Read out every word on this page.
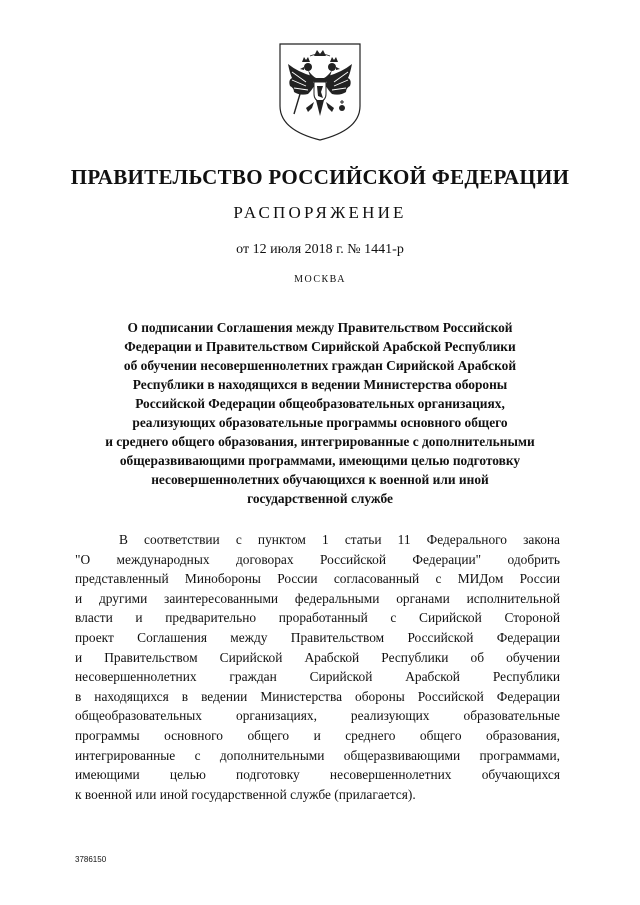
ПРАВИТЕЛЬСТВО РОССИЙСКОЙ ФЕДЕРАЦИИ
РАСПОРЯЖЕНИЕ
от 12 июля 2018 г. № 1441-р
МОСКВА

О подписании Соглашения между Правительством Российской
Федерации и Правительством Сирийской Арабской Республики
об обучении несовершеннолетних граждан Сирийской Арабской
Республики в находящихся в ведении Министерства обороны
Российской Федерации общеобразовательных организациях,
реализующих образовательные программы основного общего
и среднего общего образования, интегрированные с дополнительными
общеразвивающими программами, имеющими целью подготовку
несовершеннолетних обучающихся к военной или иной
государственной службе

В соответствии с пунктом 1 статьи 11 Федерального закона
"О международных договорах Российской Федерации" одобрить
представленный Минобороны России согласованный с МИДом России
и другими заинтересованными федеральными органами исполнительной
власти и предварительно проработанный с Сирийской Стороной
проект Соглашения между Правительством Российской Федерации
и Правительством Сирийской Арабской Республики об обучении
несовершеннолетних граждан Сирийской Арабской Республики
в находящихся в ведении Министерства обороны Российской Федерации
общеобразовательных организациях, реализующих образовательные
программы основного общего и среднего общего образования,
интегрированные с дополнительными общеразвивающими программами,
имеющими целью подготовку несовершеннолетних обучающихся
к военной или иной государственной службе (прилагается).

3786150
